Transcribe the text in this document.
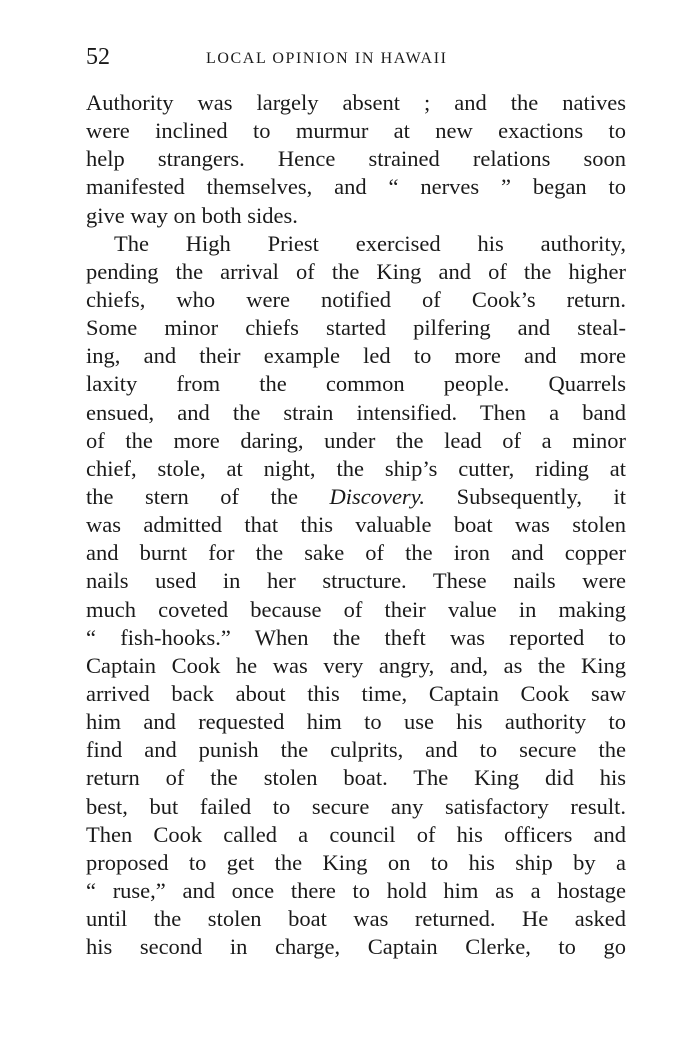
52	LOCAL OPINION IN HAWAII
Authority was largely absent ; and the natives
were inclined to murmur at new exactions to
help strangers. Hence strained relations soon
manifested themselves, and “ nerves ” began to
give way on both sides.
The High Priest exercised his authority,
pending the arrival of the King and of the higher
chiefs, who were notified of Cook’s return.
Some minor chiefs started pilfering and steal-
ing, and their example led to more and more
laxity from the common people. Quarrels
ensued, and the strain intensified. Then a band
of the more daring, under the lead of a minor
chief, stole, at night, the ship’s cutter, riding at
the stern of the Discovery. Subsequently, it
was admitted that this valuable boat was stolen
and burnt for the sake of the iron and copper
nails used in her structure. These nails were
much coveted because of their value in making
“ fish-hooks.” When the theft was reported to
Captain Cook he was very angry, and, as the King
arrived back about this time, Captain Cook saw
him and requested him to use his authority to
find and punish the culprits, and to secure the
return of the stolen boat. The King did his
best, but failed to secure any satisfactory result.
Then Cook called a council of his officers and
proposed to get the King on to his ship by a
“ ruse,” and once there to hold him as a hostage
until the stolen boat was returned. He asked
his second in charge, Captain Clerke, to go
